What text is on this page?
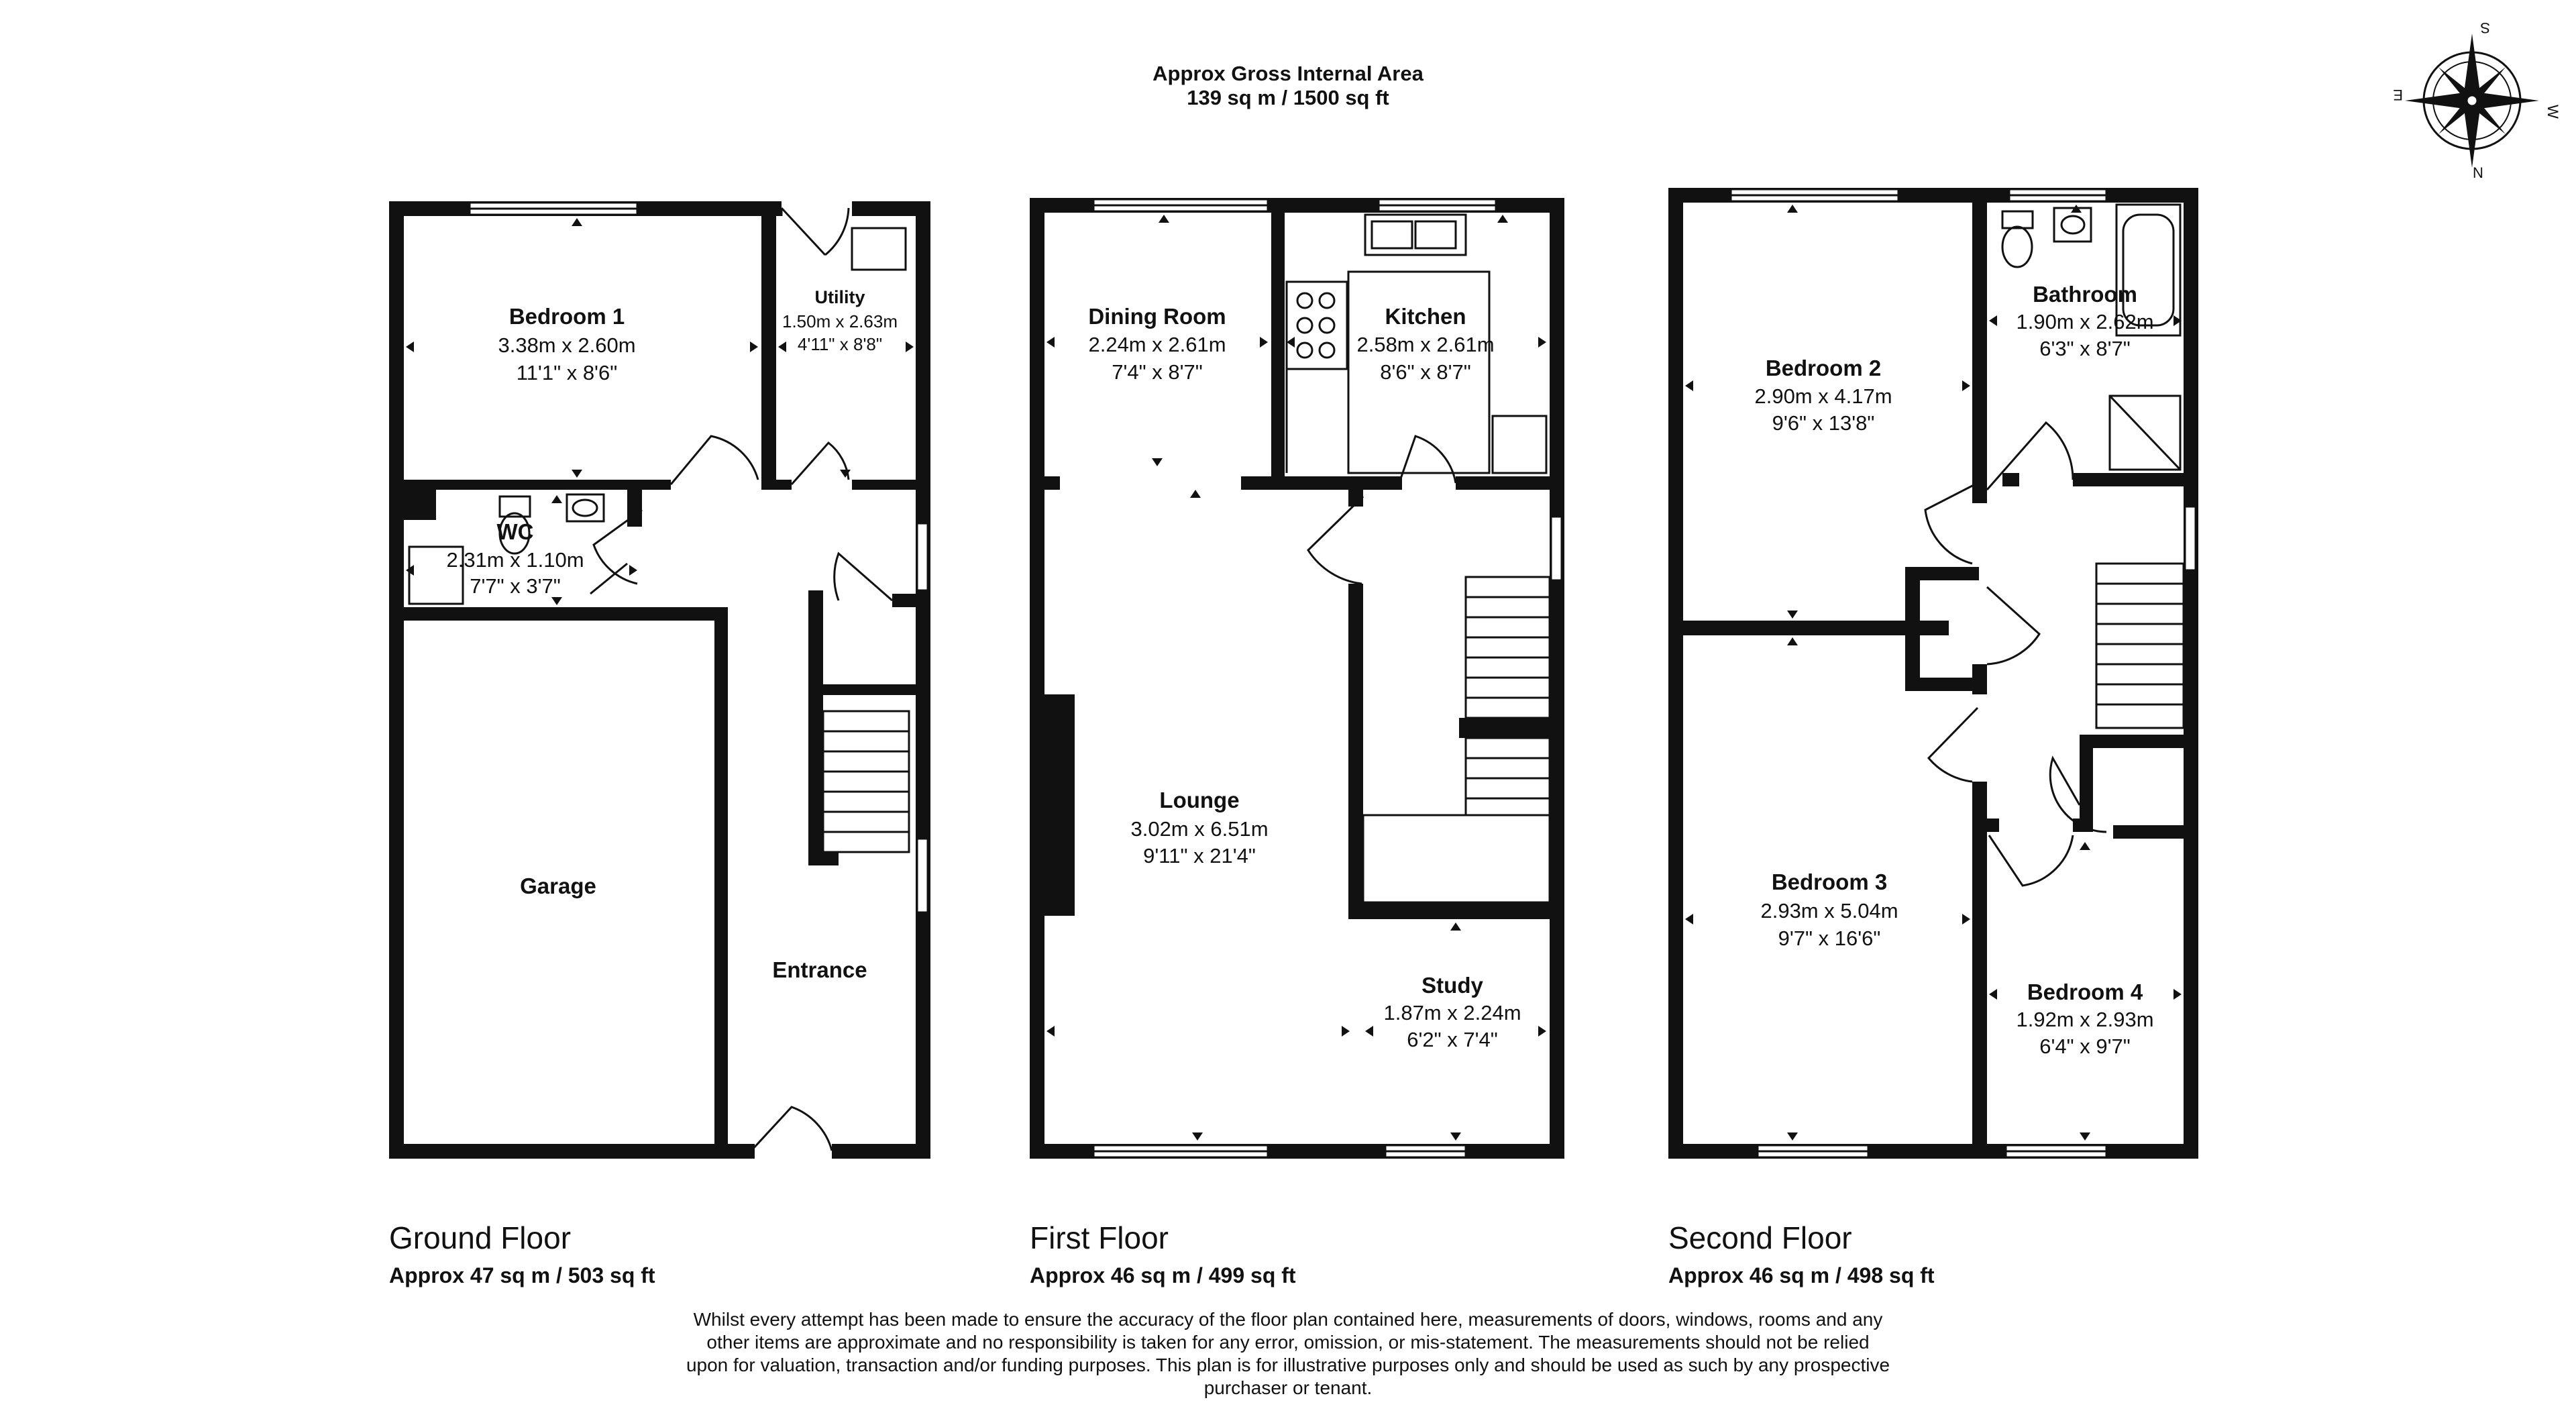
Approx Gross Internal Area
139 sq m / 1500 sq ft
S
E
W
N
Bedroom 1
3.38m x 2.60m
11'1" x 8'6"
Utility
1.50m x 2.63m
4'11" x 8'8"
WC
2.31m x 1.10m
7'7" x 3'7"
Garage
Entrance
Dining Room
2.24m x 2.61m
7'4" x 8'7"
Kitchen
2.58m x 2.61m
8'6" x 8'7"
Lounge
3.02m x 6.51m
9'11" x 21'4"
Study
1.87m x 2.24m
6'2" x 7'4"
Bedroom 2
2.90m x 4.17m
9'6" x 13'8"
Bathroom
1.90m x 2.62m
6'3" x 8'7"
Bedroom 3
2.93m x 5.04m
9'7" x 16'6"
Bedroom 4
1.92m x 2.93m
6'4" x 9'7"
Ground Floor
Approx 47 sq m / 503 sq ft
First Floor
Approx 46 sq m / 499 sq ft
Second Floor
Approx 46 sq m / 498 sq ft
Whilst every attempt has been made to ensure the accuracy of the floor plan contained here, measurements of doors, windows, rooms and any other items are approximate and no responsibility is taken for any error, omission, or mis-statement. The measurements should not be relied upon for valuation, transaction and/or funding purposes. This plan is for illustrative purposes only and should be used as such by any prospective purchaser or tenant.
